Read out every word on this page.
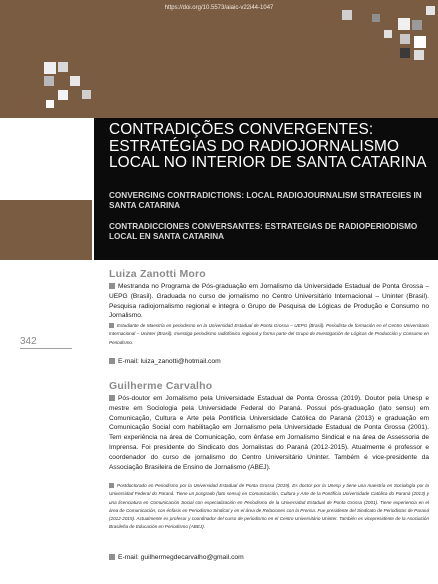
https://doi.org/10.5573/aiaic-v22i44-1047
CONTRADIÇÕES CONVERGENTES: ESTRATÉGIAS DO RADIOJORNALISMO LOCAL NO INTERIOR DE SANTA CATARINA
CONVERGING CONTRADICTIONS: LOCAL RADIOJOURNALISM STRATEGIES IN SANTA CATARINA
CONTRADICCIONES CONVERSANTES: ESTRATEGIAS DE RADIOPERIODISMO LOCAL EN SANTA CATARINA
342
Luiza Zanotti Moro
Mestranda no Programa de Pós-graduação em Jornalismo da Universidade Estadual de Ponta Grossa – UEPG (Brasil). Graduada no curso de jornalismo no Centro Universitário Internacional – Uninter (Brasil). Pesquisa radiojornalismo regional e integra o Grupo de Pesquisa de Lógicas de Produção e Consumo no Jornalismo.
Estudiante de Maestría en periodismo en la Universidad Estadual de Ponta Grossa – UEPG (Brasil). Periodista de formación en el Centro Universitario Internacional – Uninter (Brasil). Investiga periodismo radiofónico regional y forma parte del Grupo de Investigación de Lógicas de Producción y Consumo en Periodismo.
E-mail: luiza_zanotti@hotmail.com
Guilherme Carvalho
Pós-doutor em Jornalismo pela Universidade Estadual de Ponta Grossa (2019). Doutor pela Unesp e mestre em Sociologia pela Universidade Federal do Paraná. Possui pós-graduação (lato sensu) em Comunicação, Cultura e Arte pela Pontifícia Universidade Católica do Paraná (2013) e graduação em Comunicação Social com habilitação em Jornalismo pela Universidade Estadual de Ponta Grossa (2001). Tem experiência na área de Comunicação, com ênfase em Jornalismo Sindical e na área de Assessoria de Imprensa. Foi presidente do Sindicato dos Jornalistas do Paraná (2012-2015). Atualmente é professor e coordenador do curso de jornalismo do Centro Universitário Uninter. Também é vice-presidente da Associação Brasileira de Ensino de Jornalismo (ABEJ).
Postdoctorado en Periodismo por la Universidad Estadual de Ponta Grossa (2019). Es doctor por la Unesp y tiene una maestría en Sociología por la Universidad Federal do Paraná. Tiene un posgrado (lato sensu) en Comunicación, Cultura y Arte de la Pontifícia Universidade Católica do Paraná (2013) y una licenciatura en Comunicación Social con especialización en Periodismo de la Universidad Estadual de Ponta Grossa (2001). Tiene experiencia en el área de Comunicación, con énfasis en Periodismo Sindical y en el área de Relaciones con la Prensa. Fue presidente del Sindicato de Periodistas de Paraná (2012-2015). Actualmente es profesor y coordinador del curso de periodismo en el Centro Universitário Uninter. También es vicepresidente de la Asociación Brasileña de Educación en Periodismo (ABEJ).
E-mail: guilhermegdecarvalho@gmail.com
